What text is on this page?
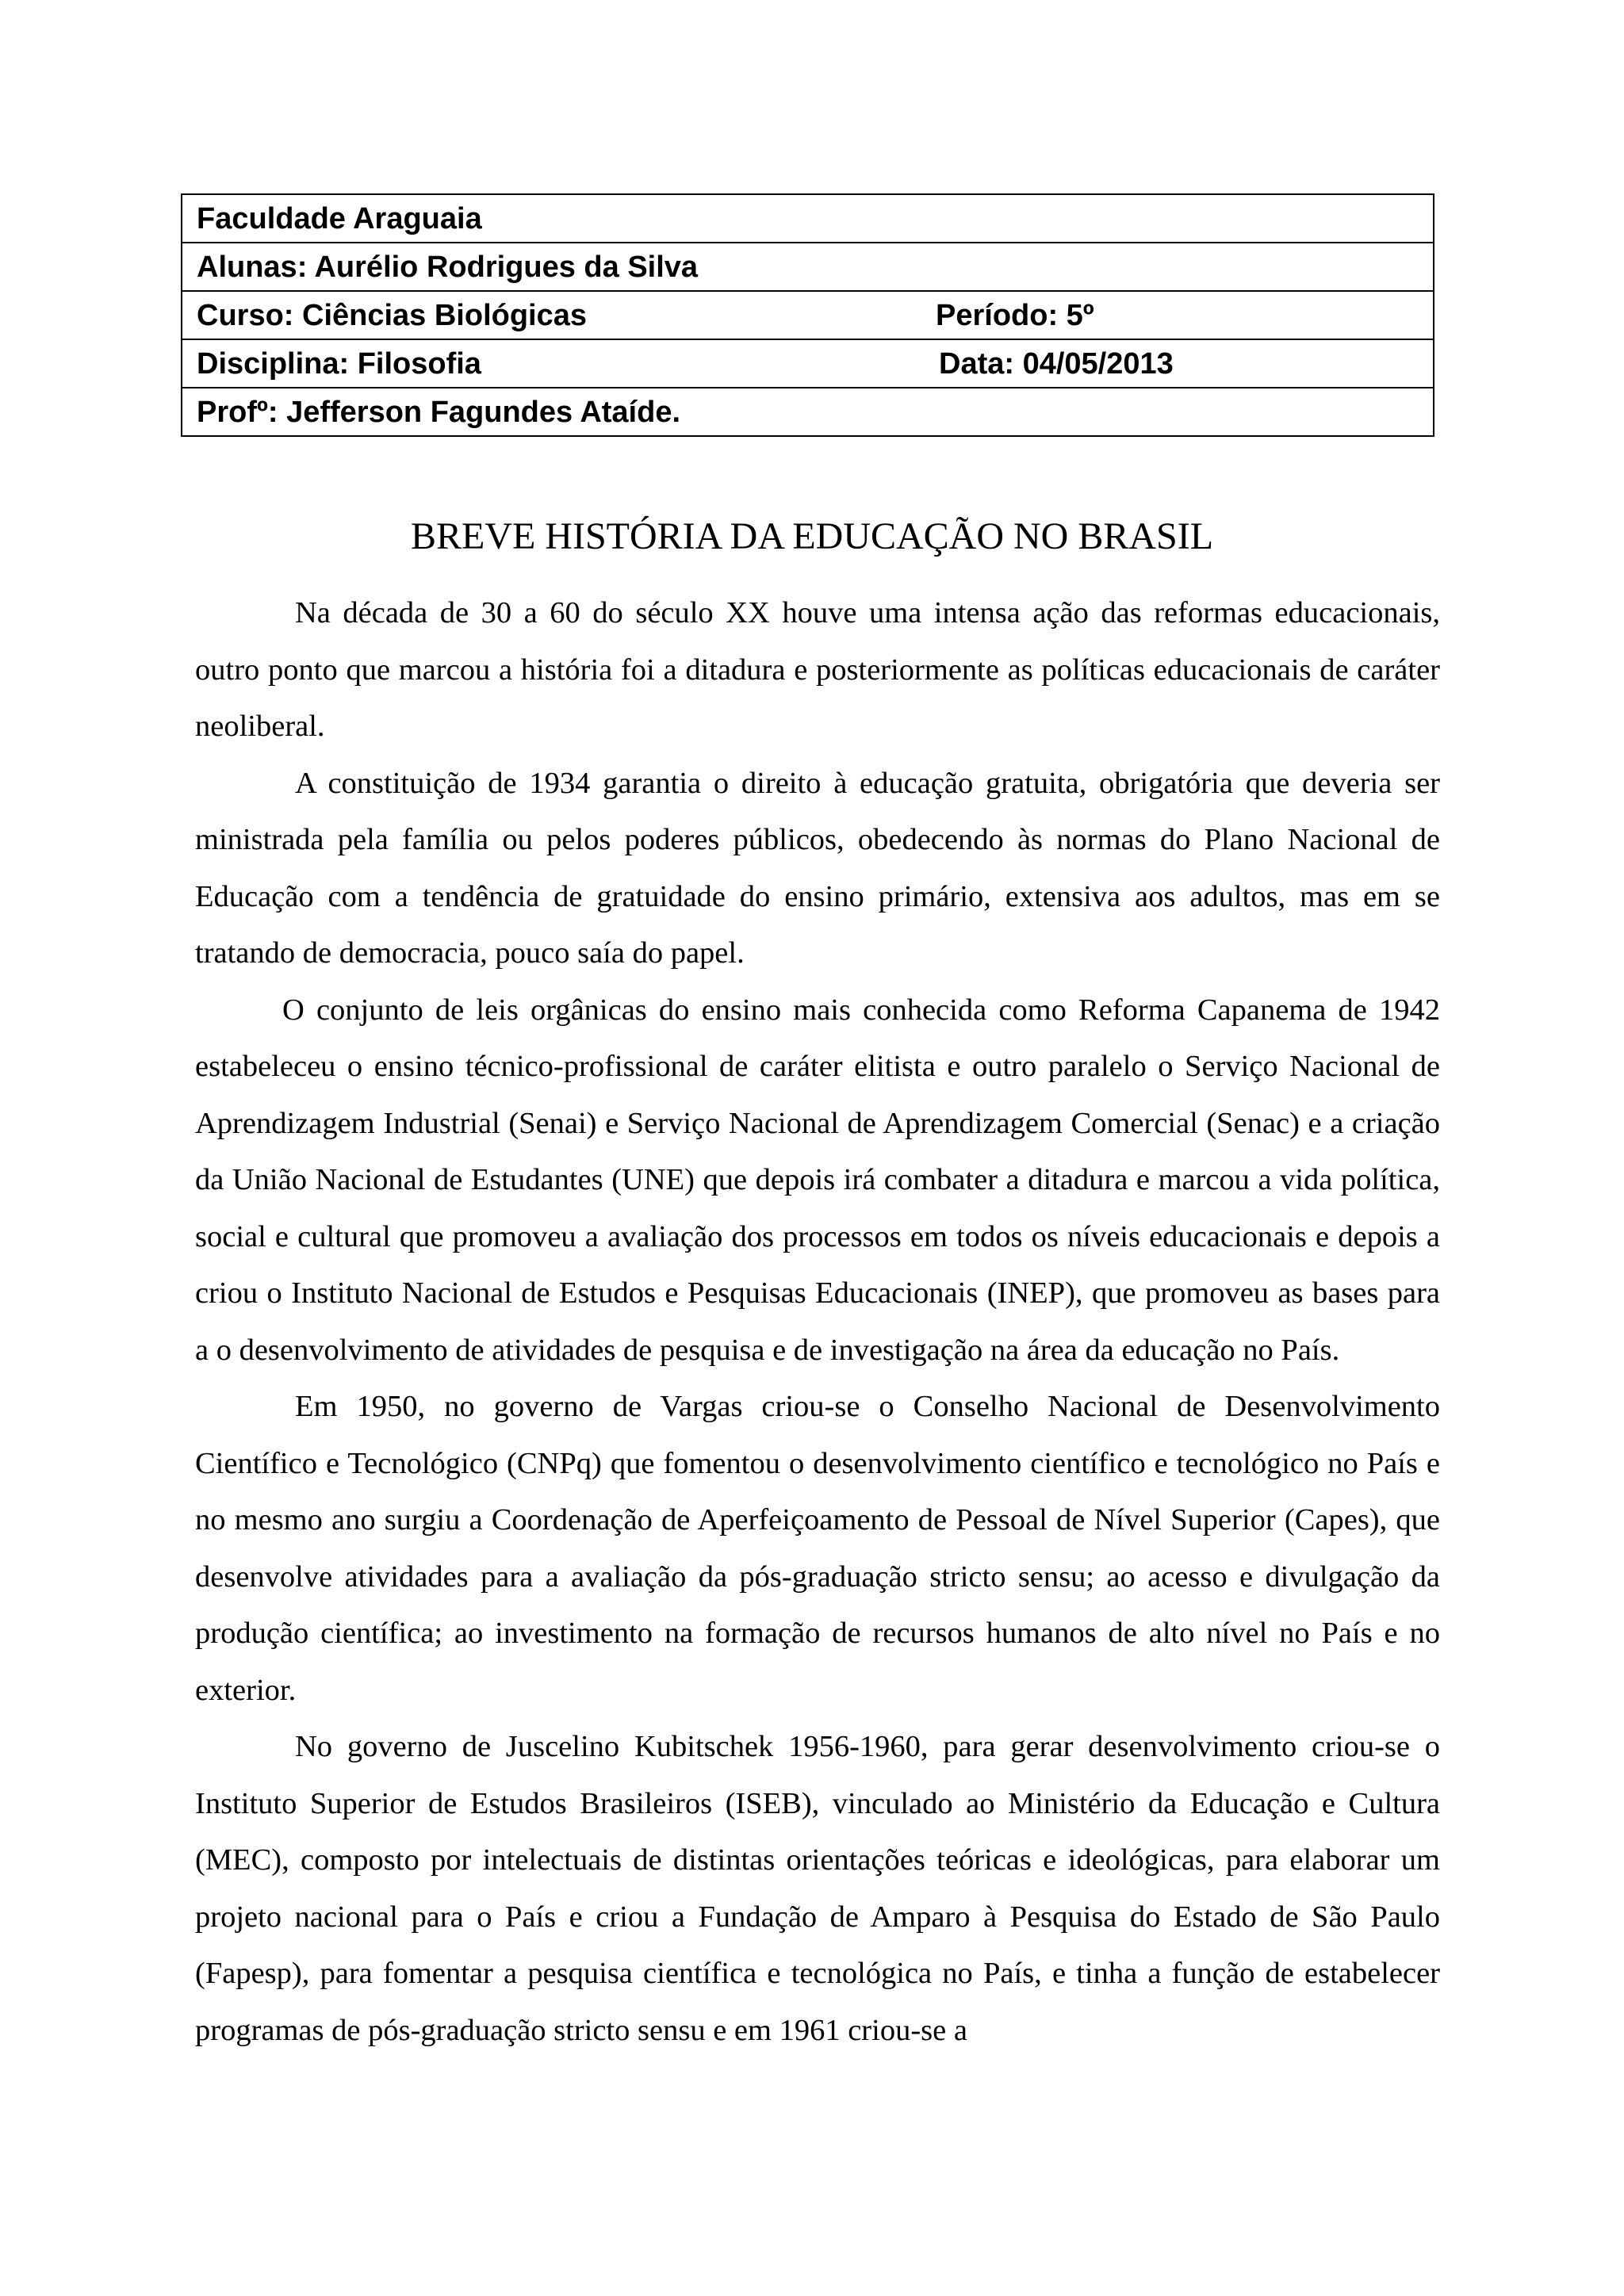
Faculdade Araguaia
Alunas: Aurélio Rodrigues da Silva
Curso: Ciências Biológicas	Período: 5º

Disciplina: Filosofia	Data: 04/05/2013

Profº: Jefferson Fagundes Ataíde.
BREVE HISTÓRIA DA EDUCAÇÃO NO BRASIL

Na década de 30 a 60 do século XX houve uma intensa ação das reformas educacionais, outro ponto que marcou a história foi a ditadura e posteriormente as políticas educacionais de caráter neoliberal.

A constituição de 1934 garantia o direito à educação gratuita, obrigatória que deveria ser ministrada pela família ou pelos poderes públicos, obedecendo às normas do Plano Nacional de Educação com a tendência de gratuidade do ensino primário, extensiva aos adultos, mas em se tratando de democracia, pouco saía do papel.

O conjunto de leis orgânicas do ensino mais conhecida como Reforma Capanema de 1942 estabeleceu o ensino técnico-profissional de caráter elitista e outro paralelo o Serviço Nacional de Aprendizagem Industrial (Senai) e Serviço Nacional de Aprendizagem Comercial (Senac) e a criação da União Nacional de Estudantes (UNE) que depois irá combater a ditadura e marcou a vida política, social e cultural que promoveu a avaliação dos processos em todos os níveis educacionais e depois a criou o Instituto Nacional de Estudos e Pesquisas Educacionais (INEP), que promoveu as bases para a o desenvolvimento de atividades de pesquisa e de investigação na área da educação no País.

Em 1950, no governo de Vargas criou-se o Conselho Nacional de Desenvolvimento Científico e Tecnológico (CNPq) que fomentou o desenvolvimento científico e tecnológico no País e no mesmo ano surgiu a Coordenação de Aperfeiçoamento de Pessoal de Nível Superior (Capes), que desenvolve atividades para a avaliação da pós-graduação stricto sensu; ao acesso e divulgação da produção científica; ao investimento na formação de recursos humanos de alto nível no País e no exterior.

No governo de Juscelino Kubitschek 1956-1960, para gerar desenvolvimento criou-se o Instituto Superior de Estudos Brasileiros (ISEB), vinculado ao Ministério da Educação e Cultura (MEC), composto por intelectuais de distintas orientações teóricas e ideológicas, para elaborar um projeto nacional para o País e criou a Fundação de Amparo à Pesquisa do Estado de São Paulo (Fapesp), para fomentar a pesquisa científica e tecnológica no País, e tinha a função de estabelecer programas de pós-graduação stricto sensu e em 1961 criou-se a
